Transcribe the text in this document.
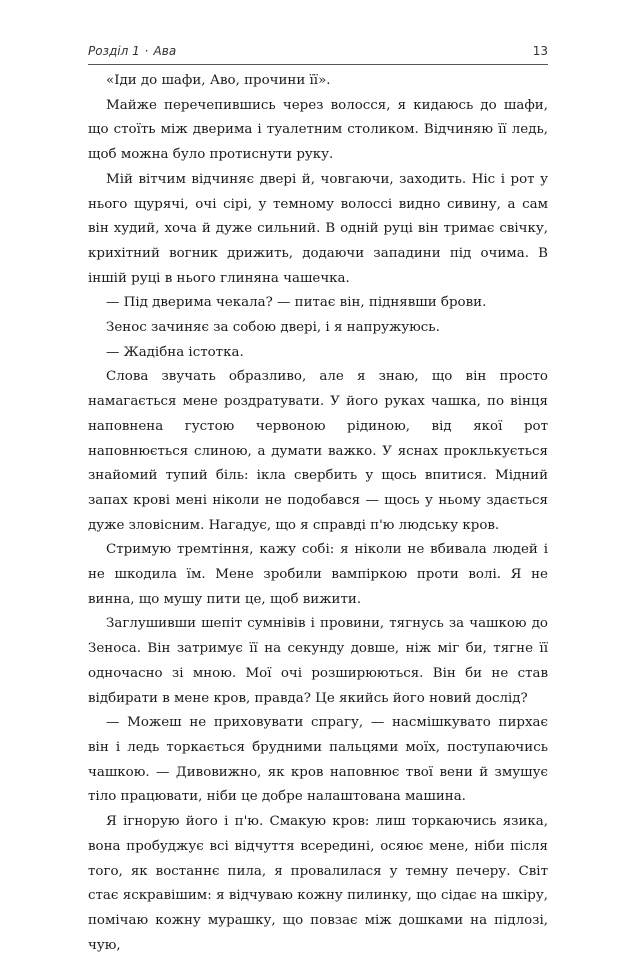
Розділ 1 · Ава	13

«Іди до шафи, Аво, прочини її».

Майже перечепившись через волосся, я кидаюсь до шафи, що стоїть між дверима і туалетним столиком. Відчиняю її ледь, щоб можна було протиснути руку.

Мій вітчим відчиняє двері й, човгаючи, заходить. Ніс і рот у нього щурячі, очі сірі, у темному волоссі видно сивину, а сам він худий, хоча й дуже сильний. В одній руці він тримає свічку, крихітний вогник дрижить, додаючи западини під очима. В іншій руці в нього глиняна чашечка.

— Під дверима чекала? — питає він, піднявши брови.

Зенос зачиняє за собою двері, і я напружуюсь.

— Жадібна істотка.

Слова звучать образливо, але я знаю, що він просто намагається мене роздратувати. У його руках чашка, по вінця наповнена густою червоною рідиною, від якої рот наповнюється слиною, а думати важко. У яснах проклькується знайомий тупий біль: ікла свербить у щось впитися. Мідний запах крові мені ніколи не подобався — щось у ньому здається дуже зловісним. Нагадує, що я справді п'ю людську кров.

Стримую тремтіння, кажу собі: я ніколи не вбивала людей і не шкодила їм. Мене зробили вампіркою проти волі. Я не винна, що мушу пити це, щоб вижити.

Заглушивши шепіт сумнівів і провини, тягнусь за чашкою до Зеноса. Він затримує її на секунду довше, ніж міг би, тягне її одночасно зі мною. Мої очі розширюються. Він би не став відбирати в мене кров, правда? Це якийсь його новий дослід?

— Можеш не приховувати спрагу, — насмішкувато пирхає він і ледь торкається брудними пальцями моїх, поступаючись чашкою. — Дивовижно, як кров наповнює твої вени й змушує тіло працювати, ніби це добре налаштована машина.

Я ігнорую його і п'ю. Смакую кров: лиш торкаючись язика, вона пробуджує всі відчуття всередині, осяює мене, ніби після того, як востаннє пила, я провалилася у темну печеру. Світ стає яскравішим: я відчуваю кожну пилинку, що сідає на шкіру, помічаю кожну мурашку, що повзає між дошками на підлозі, чую,
